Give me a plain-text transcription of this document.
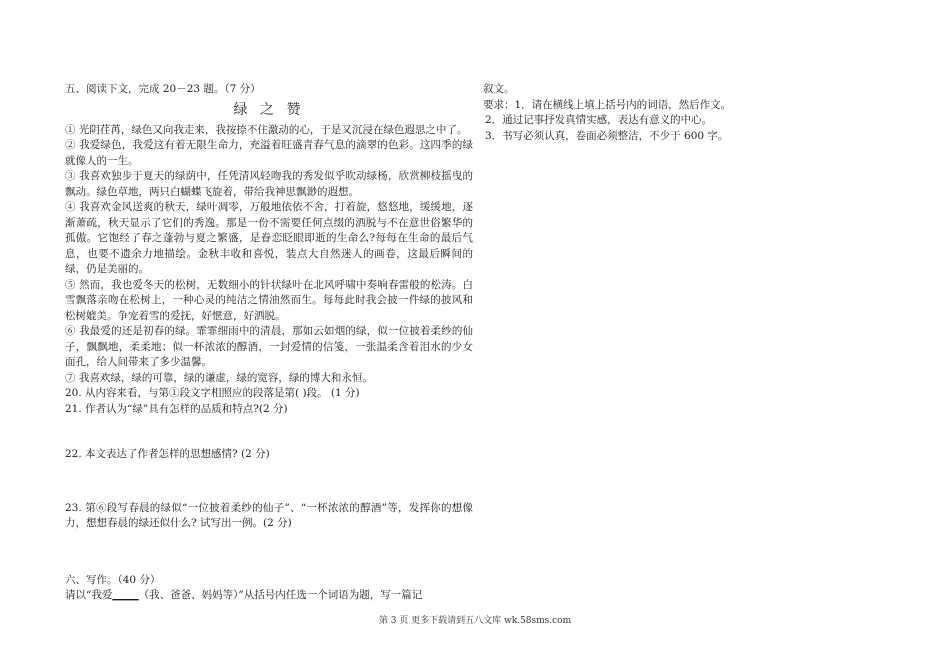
五、阅读下文，完成 20－23 题。（7 分）

绿 之 赞

① 光阴荏苒，绿色又向我走来，我按捺不住激动的心，于是又沉浸在绿色遐思之中了。

② 我爱绿色，我爱这有着无限生命力，充溢着旺盛青春气息的滴翠的色彩。这四季的绿就像人的一生。

③ 我喜欢独步于夏天的绿荫中，任凭清风轻吻我的秀发似乎吹动绿杨，欣赏柳枝摇曳的飘动。绿色草地，两只白蝴蝶飞旋着，带给我神思飘渺的遐想。

④ 我喜欢金风送爽的秋天，绿叶凋零，万般地依依不舍，打着旋，悠悠地，缓缓地，逐渐萧疏，秋天显示了它们的秀逸。那是一份不需要任何点缀的洒脱与不在意世俗繁华的孤傲。它饱经了春之蓬勃与夏之繁盛，是眷恋眨眼即逝的生命么?每每在生命的最后气息，也要不遗余力地描绘。金秋丰收和喜悦，装点大自然迷人的画卷，这最后瞬间的绿，仍是美丽的。

⑤ 然而，我也爱冬天的松树，无数细小的针状绿叶在北风呼啸中奏响春雷般的松涛。白雪飘落亲吻在松树上，一种心灵的纯洁之情油然而生。每每此时我会披一件绿的披风和松树媲美。争宠着雪的爱抚，好惬意，好洒脱。

⑥ 我最爱的还是初春的绿。霏霏细雨中的清晨，那如云如烟的绿，似一位披着柔纱的仙子，飘飘地，柔柔地；似一杯浓浓的醇酒，一封爱情的信笺，一张温柔含着泪水的少女面孔，给人间带来了多少温馨。

⑦ 我喜欢绿，绿的可靠，绿的谦虚，绿的宽容，绿的博大和永恒。

20. 从内容来看，与第①段文字相照应的段落是第( )段。 (1 分)

21. 作者认为“绿”具有怎样的品质和特点?(2 分)

22. 本文表达了作者怎样的思想感情? (2 分)

23. 第⑥段写春晨的绿似“一位披着柔纱的仙子”、“一杯浓浓的醇酒”等，发挥你的想像力，想想春晨的绿还似什么? 试写出一例。(2 分)

六、写作。（40 分）

请以“我爱_____（我、爸爸、妈妈等）”从括号内任选一个词语为题，写一篇记

叙文。

要求：1．请在横线上填上括号内的词语，然后作文。

2．通过记事抒发真情实感，表达有意义的中心。

3．书写必须认真，卷面必须整洁，不少于 600 字。

第 3 页 更多下载请到五八文库 wk.58sms.com
